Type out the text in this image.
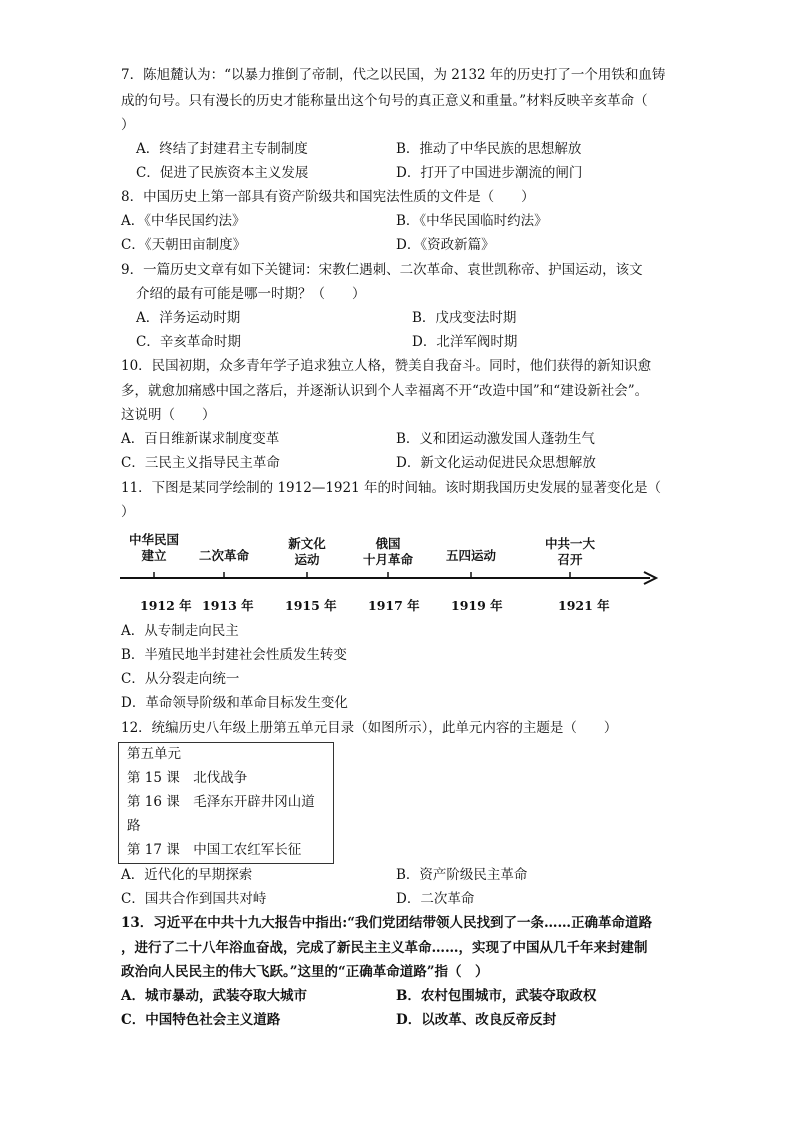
7．陈旭麓认为：“以暴力推倒了帝制，代之以民国，为 2132 年的历史打了一个用铁和血铸
成的句号。只有漫长的历史才能称量出这个句号的真正意义和重量。”材料反映辛亥革命（
）
A．终结了封建君主专制制度	B．推动了中华民族的思想解放
C．促进了民族资本主义发展	D．打开了中国进步潮流的闸门
8．中国历史上第一部具有资产阶级共和国宪法性质的文件是（　　）
A．《中华民国约法》	B．《中华民国临时约法》
C．《天朝田亩制度》	D．《资政新篇》
9．一篇历史文章有如下关键词：宋教仁遇刺、二次革命、袁世凯称帝、护国运动，该文
介绍的最有可能是哪一时期？（　　）
A．洋务运动时期	B．戊戌变法时期
C．辛亥革命时期	D．北洋军阀时期
10．民国初期，众多青年学子追求独立人格，赞美自我奋斗。同时，他们获得的新知识愈
多，就愈加痛感中国之落后，并逐渐认识到个人幸福离不开“改造中国”和“建设新社会”。
这说明（　　）
A．百日维新谋求制度变革	B．义和团运动激发国人蓬勃生气
C．三民主义指导民主革命	D．新文化运动促进民众思想解放
11．下图是某同学绘制的 1912—1921 年的时间轴。该时期我国历史发展的显著变化是（
）
中华民国
建立	二次革命
新文化
运动
俄国
十月革命	五四运动
中共一大
召开
1912 年 1913 年	1915 年	1917 年	1919 年	1921 年
A．从专制走向民主
B．半殖民地半封建社会性质发生转变
C．从分裂走向统一
D．革命领导阶级和革命目标发生变化
12．统编历史八年级上册第五单元目录（如图所示），此单元内容的主题是（　　）
第五单元
第 15 课　北伐战争
第 16 课　毛泽东开辟井冈山道
路
第 17 课　中国工农红军长征
A．近代化的早期探索	B．资产阶级民主革命
C．国共合作到国共对峙	D．二次革命
13．习近平在中共十九大报告中指出:“我们党团结带领人民找到了一条……正确革命道路
，进行了二十八年浴血奋战，完成了新民主主义革命……，实现了中国从几千年来封建制
政治向人民民主的伟大飞跃。”这里的“正确革命道路”指（　）
A．城市暴动，武装夺取大城市	B．农村包围城市，武装夺取政权
C．中国特色社会主义道路	D．以改革、改良反帝反封
